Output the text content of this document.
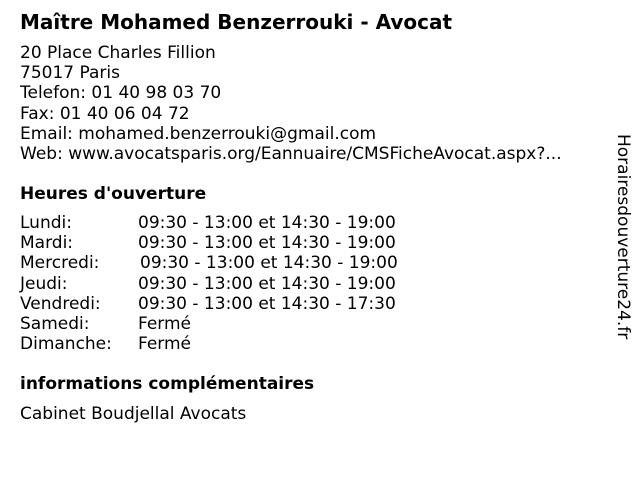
Maître Mohamed Benzerrouki - Avocat
20 Place Charles Fillion
75017 Paris
Telefon: 01 40 98 03 70
Fax: 01 40 06 04 72
Email: mohamed.benzerrouki@gmail.com
Web: www.avocatsparis.org/Eannuaire/CMSFicheAvocat.aspx?...
Heures d'ouverture
Lundi:	09:30 - 13:00 et 14:30 - 19:00
Mardi:	09:30 - 13:00 et 14:30 - 19:00
Mercredi: 09:30 - 13:00 et 14:30 - 19:00
Jeudi:	09:30 - 13:00 et 14:30 - 19:00
Vendredi: 09:30 - 13:00 et 14:30 - 17:30
Samedi:	Fermé
Dimanche: Fermé
informations complémentaires
Cabinet Boudjellal Avocats
Horairesdouverture24.fr
